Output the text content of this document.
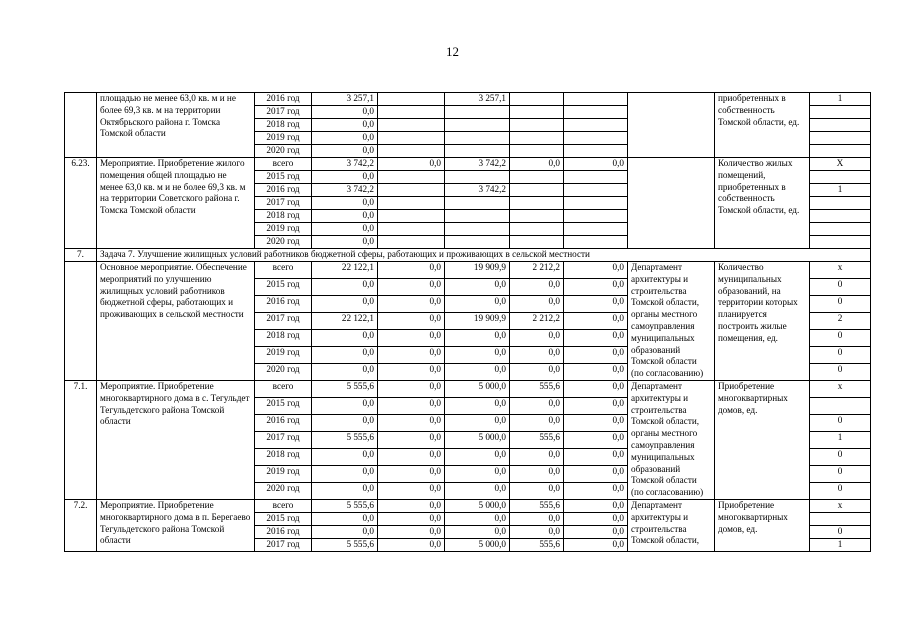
12
	площадью не менее 63,0 кв. м и не более 69,3 кв. м на территории Октябрьского района г. Томска Томской области	2016 год	3 257,1		3 257,1				приобретенных в собственность Томской области, ед.	1
		2017 год	0,0							
		2018 год	0,0							
		2019 год	0,0							
		2020 год	0,0							
6.23.	Мероприятие. Приобретение жилого помещения общей площадью не менее 63,0 кв. м и не более 69,3 кв. м на территории Советского района г. Томска Томской области	всего	3 742,2	0,0	3 742,2	0,0	0,0		Количество жилых помещений, приобретенных в собственность Томской области, ед.	Х
		2015 год	0,0							
		2016 год	3 742,2		3 742,2					1
		2017 год	0,0							
		2018 год	0,0							
		2019 год	0,0							
		2020 год	0,0							
7.	Задача 7. Улучшение жилищных условий работников бюджетной сферы, работающих и проживающих в сельской местности									
	Основное мероприятие. Обеспечение мероприятий по улучшению жилищных условий работников бюджетной сферы, работающих и проживающих в сельской местности	всего	22 122,1	0,0	19 909,9	2 212,2	0,0	Департамент архитектуры и строительства Томской области, органы местного самоуправления муниципальных образований Томской области (по согласованию)	Количество муниципальных образований, на территории которых планируется построить жилые помещения, ед.	х
		2015 год	0,0	0,0	0,0	0,0	0,0			0
		2016 год	0,0	0,0	0,0	0,0	0,0			0
		2017 год	22 122,1	0,0	19 909,9	2 212,2	0,0			2
		2018 год	0,0	0,0	0,0	0,0	0,0			0
		2019 год	0,0	0,0	0,0	0,0	0,0			0
		2020 год	0,0	0,0	0,0	0,0	0,0			0
7.1.	Мероприятие. Приобретение многоквартирного дома в с. Тегульдет Тегульдетского района Томской области	всего	5 555,6	0,0	5 000,0	555,6	0,0	Департамент архитектуры и строительства Томской области, органы местного самоуправления муниципальных образований Томской области (по согласованию)	Приобретение многоквартирных домов, ед.	х
		2015 год	0,0	0,0	0,0	0,0	0,0			
		2016 год	0,0	0,0	0,0	0,0	0,0			0
		2017 год	5 555,6	0,0	5 000,0	555,6	0,0			1
		2018 год	0,0	0,0	0,0	0,0	0,0			0
		2019 год	0,0	0,0	0,0	0,0	0,0			0
		2020 год	0,0	0,0	0,0	0,0	0,0			0
7.2.	Мероприятие. Приобретение многоквартирного дома в п. Берегаево Тегульдетского района Томской области	всего	5 555,6	0,0	5 000,0	555,6	0,0	Департамент архитектуры и строительства Томской области,	Приобретение многоквартирных домов, ед.	х
		2015 год	0,0	0,0	0,0	0,0	0,0			
		2016 год	0,0	0,0	0,0	0,0	0,0			0
		2017 год	5 555,6	0,0	5 000,0	555,6	0,0			1
